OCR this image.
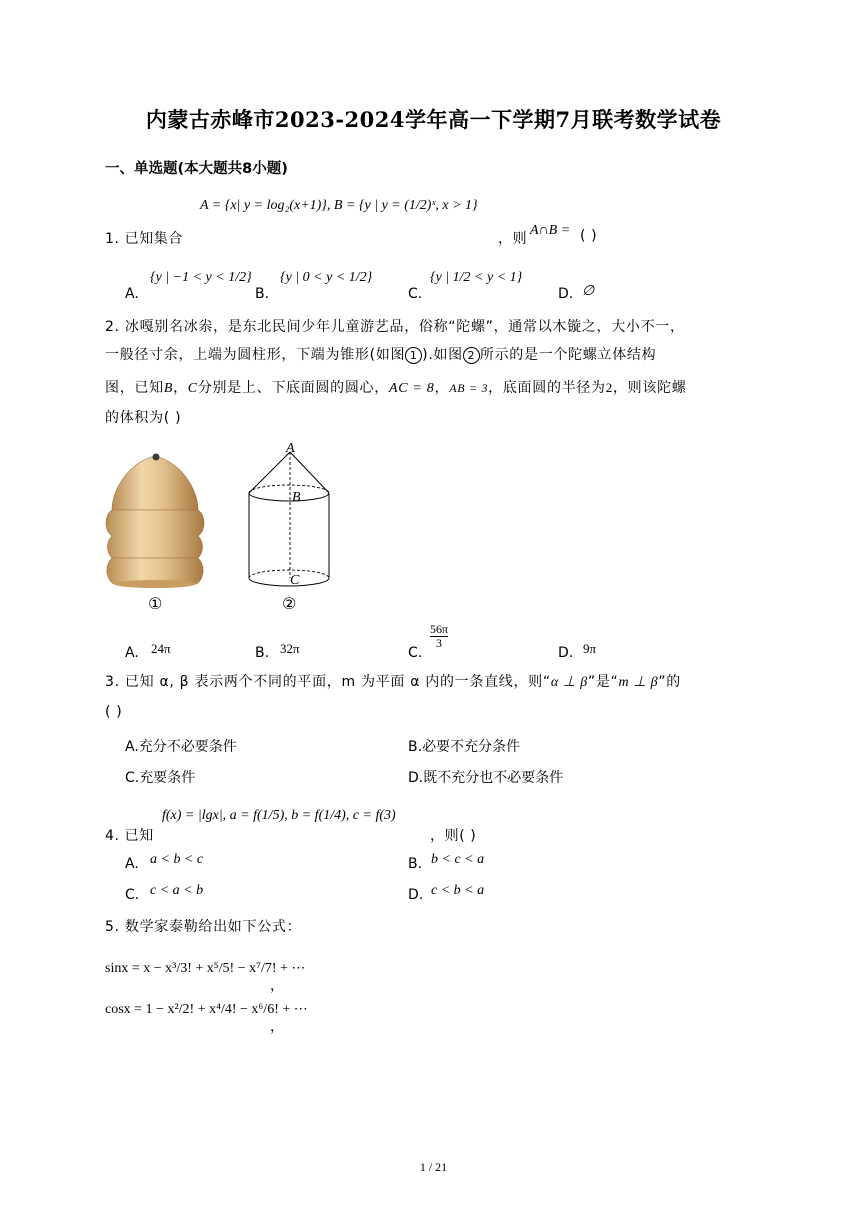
内蒙古赤峰市2023-2024学年高一下学期7月联考数学试卷
一、单选题(本大题共8小题)
1. 已知集合
A = {x| y = log₂(x+1)}, B = {y | y = (1/2)ˣ, x > 1}
，则
A∩B = ( )
A.
{y | −1 < y < 1/2}
B.
{y | 0 < y < 1/2}
C.
{y | 1/2 < y < 1}
D. ∅
2. 冰嘎别名冰尜，是东北民间少年儿童游艺品，俗称“陀螺”，通常以木镟之，大小不一，
一般径寸余，上端为圆柱形，下端为锥形(如图 1 ).如图 2 所示的是一个陀螺立体结构
图，已知B，C分别是上、下底面圆的圆心，AC = 8，AB = 3，底面圆的半径为2，则该陀螺
的体积为( )
①
A
B
C
②
A. 24π	B. 32π	C.
$\frac{56\pi}{3}$
D. 9π
3. 已知 α, β 表示两个不同的平面，m 为平面 α 内的一条直线，则“α ⊥ β”是“m ⊥ β”的
( )
A.充分不必要条件	B.必要不充分条件
C.充要条件	D.既不充分也不必要条件
4. 已知
f(x) = |lgx|, a = f(1/5), b = f(1/4), c = f(3)
，则( )
A. a < b < c	B. b < c < a
C. c < a < b	D. c < b < a
5. 数学家泰勒给出如下公式：
sinx = x − x³/3! + x⁵/5! − x⁷/7! + ⋯
，
cosx = 1 − x²/2! + x⁴/4! − x⁶/6! + ⋯
，
1 / 21
